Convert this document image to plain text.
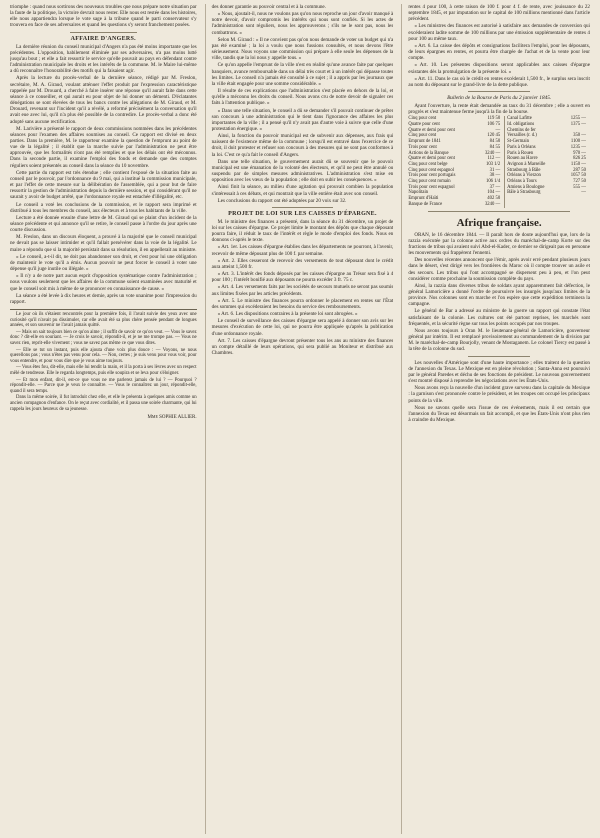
triomphe : quand nous sortirons des nouveaux troubles que nous prépare notre situation par la faute de la politique, la victoire devrait nous rester. Elle nous est restée dans les histoires, elle nous appartiendra lorsque le vote sage à la tribune quand le parti conservateur s'y trouvera en face de ses adversaires et quand les questions s'y seront franchement posées.

AFFAIRE D'ANGERS.

La dernière réunion du conseil municipal d'Angers n'a pas été moins importante que les précédentes. L'opposition, habilement éliminée par ses adversaires, n'a pas moins lutté jusqu'au bout ; et elle a fait ressortir le service qu'elle pouvait au pays en défendant contre l'administration municipale les droits et les intérêts de la commune. M. le Maire lui-même a dû reconnaître l'honorabilité des motifs qui la faisaient agir.

Après la lecture du procès-verbal de la dernière séance, rédigé par M. Freslon, secrétaire, M. A. Giraud, voulant atténuer l'effet produit par l'expression caractéristique rappelée par M. Drouard, a cherché à faire insérer une réponse qu'il aurait faite dans cette séance à ce conseiller, et qui aurait eu pour objet de lui donner un démenti. D'éclatantes dénégations se sont élevées de tous les bancs contre les allégations de M. Giraud, et M. Drouard, revenant sur l'incident qu'il a révélé, a reformé précisément la conversation qu'il avait eue avec lui, qu'il n'a plus été possible de la contredire. Le procès-verbal a donc été adopté sans aucune rectification.

M. Larivière a présenté le rapport de deux commissions nommées dans les précédentes séances pour l'examen des affaires soumises au conseil. Ce rapport est divisé en deux parties. Dans la première, M. le rapporteur examine la question de l'emprunt au point de vue de la légalité ; il établit que la marche suivie par l'administration ne peut être approuvée, que les formalités n'ont pas été remplies et que les délais ont été méconnus. Dans la seconde partie, il examine l'emploi des fonds et demande que des comptes réguliers soient présentés au conseil dans la séance du 10 novembre.

Cette partie du rapport est très étendue ; elle contient l'exposé de la situation faite au conseil par le pouvoir, par l'ordonnance du 9 mai, qui a institué la commission municipale, et par l'effet de cette mesure sur la délibération de l'assemblée, qui a pour but de faire ressortir la gestion de l'administration depuis la dernière session, et qui considérant qu'il ne saurait y avoir de budget arrêté, que l'ordonnance royale est entachée d'illégalité, etc.

Le conseil a voté les conclusions de la commission, et le rapport sera imprimé et distribué à tous les membres du conseil, aux électeurs et à tous les habitants de la ville.

Lecture a été donnée ensuite d'une lettre de M. Giraud qui se plaint d'un incident de la séance précédente et qui annonce qu'il se retire, le conseil passe à l'ordre du jour après une courte discussion.

M. Freslon, dans un discours éloquent, a prouvé à la majorité que le conseil municipal ne devait pas se laisser intimider et qu'il fallait persévérer dans la voie de la légalité. Le maire a répondu que si la majorité persistait dans sa résolution, il en appellerait au ministre.

« Le conseil, a-t-il dit, ne doit pas abandonner son droit, et c'est pour lui une obligation de maintenir le vote qu'il a émis. Aucun pouvoir ne peut forcer le conseil à voter une dépense qu'il juge inutile ou illégale. »

« Il n'y a de notre part aucun esprit d'opposition systématique contre l'administration ; nous voulons seulement que les affaires de la commune soient examinées avec maturité et que le conseil soit mis à même de se prononcer en connaissance de cause. »

La séance a été levée à dix heures et demie, après un vote unanime pour l'impression du rapport.

Le jour où ils s'étaient rencontrés pour la première fois, il l'avait suivie des yeux avec une curiosité qu'il n'avait pu dissimuler, car elle avait été sa plus chère pensée pendant de longues années, et son souvenir ne l'avait jamais quitté.

— Mais on sait toujours bien ce qu'on aime ; il suffit de savoir ce qu'on veut. — Vous le savez donc ? dit-elle en souriant. — Je crois le savoir, répondit-il, et je ne me trompe pas. — Vous ne savez rien, reprit-elle vivement ; vous ne savez pas même ce que vous dites.

— Elle se tut un instant, puis elle ajouta d'une voix plus douce : — Voyons, ne nous querellons pas ; vous n'êtes pas venu pour cela. — Non, certes ; je suis venu pour vous voir, pour vous entendre, et pour vous dire que je vous aime toujours.

— Vous êtes fou, dit-elle, mais elle lui tendit la main, et il la porta à ses lèvres avec un respect mêlé de tendresse. Elle le regarda longtemps, puis elle soupira et se leva pour s'éloigner.

— Et mon enfant, dit-il, est-ce que vous ne me parlerez jamais de lui ? — Pourquoi ? répondit-elle. — Parce que je veux le connaître. — Vous le connaîtrez un jour, répondit-elle, quand il sera temps.

Dans la même soirée, il fut introduit chez elle, et elle le présenta à quelques amis comme un ancien compagnon d'enfance. On le reçut avec cordialité, et il passa une soirée charmante, qui lui rappela les jours heureux de sa jeunesse.

Mme SOPHIE ALLIER.

des donner garantie au pouvoir central et à la commune.

« Nous, ajoutait-il, nous ne voulons pas qu'on nous reproche un jour d'avoir manqué à notre devoir, d'avoir compromis les intérêts qui nous sont confiés. Si les actes de l'administration sont réguliers, nous les approuverons ; s'ils ne le sont pas, nous les combattrons. »

Selon M. Giraud : « Il ne convient pas qu'on nous demande de voter un budget qui n'a pas été examiné ; la loi a voulu que nous fussions consultés, et nous devons l'être sérieusement. Nous voyons une commission qui prépare à elle seule les dépenses de la ville, tandis que la loi nous y appelle tous. »

Ce qu'on appelle l'emprunt de la ville n'est en réalité qu'une avance faite par quelques banquiers, avance remboursable dans un délai très court et à un intérêt qui dépasse toutes les limites. Le conseil n'a jamais été consulté à ce sujet ; il a appris par les journaux que la ville était engagée pour une somme considérable. »

Il résulte de ces explications que l'administration s'est placée en dehors de la loi, et qu'elle a méconnu les droits du conseil. Nous avons cru de notre devoir de signaler ces faits à l'attention publique. »

« Dans une telle situation, le conseil a dû se demander s'il pouvait continuer de prêter son concours à une administration qui le tient dans l'ignorance des affaires les plus importantes de la ville ; il a pensé qu'il n'y avait pas d'autre voie à suivre que celle d'une protestation énergique. »

Ainsi, la fonction du pouvoir municipal est de subvenir aux dépenses, aux frais qui naissent de l'existence même de la commune ; lorsqu'il est entravé dans l'exercice de ce droit, il doit protester et refuser son concours à des mesures qui ne sont pas conformes à la loi. C'est ce qu'a fait le conseil d'Angers.

Dans une telle situation, le gouvernement aurait dû se souvenir que le pouvoir municipal est une émanation de la volonté des électeurs, et qu'il ne peut être annulé ou suspendu par de simples mesures administratives. L'administration s'est mise en opposition avec les vœux de la population ; elle doit en subir les conséquences. »

Ainsi finit la séance, au milieu d'une agitation qui prouvait combien la population s'intéressait à ces débats, et qui montrait que la ville entière était avec son conseil.

Les conclusions du rapport ont été adoptées par 20 voix sur 32.

PROJET DE LOI SUR LES CAISSES D'ÉPARGNE.

M. le ministre des finances a présenté, dans la séance du 31 décembre, un projet de loi sur les caisses d'épargne. Ce projet limite le montant des dépôts que chaque déposant pourra faire, il réduit le taux de l'intérêt et règle le mode d'emploi des fonds. Nous en donnons ci-après le texte.

« Art. 1er. Les caisses d'épargne établies dans les départements ne pourront, à l'avenir, recevoir de même déposant plus de 100 f. par semaine.

« Art. 2. Elles cesseront de recevoir des versements de tout déposant dont le crédit aura atteint 1,500 fr.

« Art. 3. L'intérêt des fonds déposés par les caisses d'épargne au Trésor sera fixé à 4 pour 100 ; l'intérêt bonifié aux déposants ne pourra excéder 3 fr. 75 c.

« Art. 4. Les versements faits par les sociétés de secours mutuels ne seront pas soumis aux limites fixées par les articles précédents.

« Art. 5. Le ministre des finances pourra ordonner le placement en rentes sur l'État des sommes qui excéderaient les besoins du service des remboursements.

« Art. 6. Les dispositions contraires à la présente loi sont abrogées. »

Le conseil de surveillance des caisses d'épargne sera appelé à donner son avis sur les mesures d'exécution de cette loi, qui ne pourra être appliquée qu'après la publication d'une ordonnance royale.

Art. 7. Les caisses d'épargne devront présenter tous les ans au ministre des finances un compte détaillé de leurs opérations, qui sera publié au Moniteur et distribué aux Chambres.

rentes 4 pour 100, à cette raison de 100 f. pour 4 f. de rente, avec jouissance du 22 septembre 1845, et par imputation sur le capital de 100 millions mentionné dans l'article précédent.

« Les ministres des finances est autorisé à satisfaire aux demandes de conversion qui excéderaient ladite somme de 100 millions par une émission supplémentaire de rentes 4 pour 100 au même taux.

« Art. 6. La caisse des dépôts et consignations facilitera l'emploi, pour les déposants, de leurs épargnes en rentes, et pourra être chargée de l'achat et de la vente pour leur compte.

« Art. 10. Les présentes dispositions seront applicables aux caisses d'épargne existantes dès la promulgation de la présente loi. »

« Art. 11. Dans le cas où le crédit en rentes excéderait 1,500 fr., le surplus sera inscrit au nom du déposant sur le grand-livre de la dette publique.

Bulletin de la Bourse de Paris du 2 janvier 1845.

Ayant l'ouverture, la rente était demandée au taux du 31 décembre ; elle a ouvert en progrès et s'est maintenue ferme jusqu'à la fin de la bourse.

Cinq pour cent	119 50		Canal Lafitte	1255 —
Quatre pour cent	106 75		Id. obligations	1375 —
Quatre et demi pour cent	—		Chemins de fer	
Cinq pour cent	120 45		Versailles (r. d.)	350 —
Emprunt de 1841	84 50		St-Germain	1100 —
Trois pour cent	84 55		Paris à Orléans	1235 —
Actions de la Banque	3240 —		Paris à Rouen	970 —
Quatre et demi pour cent	112 —		Rouen au Havre	826 25
Cinq pour cent belge	103 1/2		Avignon à Marseille	1150 —
Cinq pour cent espagnol	31 —		Strasbourg à Bâle	287 50
Trois pour cent portugais	38 —		Orléans à Vierzon	1057 50
Cinq pour cent romain	106 1/4		Orléans à Tours	727 50
Trois pour cent espagnol	37 —		Amiens à Boulogne	555 —
Napolitain	104 —		Bâle à Strasbourg	—
Emprunt d'Haïti	402 50			
Banque de France	3240 —			
Afrique française.

ORAN, le 16 décembre 1844. — Il paraît hors de doute aujourd'hui que, lors de la razzia exécutée par la colonne active aux ordres du maréchal-de-camp Korte sur des fractions de tribus qui avaient suivi Abd-el-Kader, ce dernier se dirigeait pas en personne les mouvements qui frappèrent l'ennemi.

Des nouvelles récentes annoncent que l'émir, après avoir erré pendant plusieurs jours dans le désert, s'est dirigé vers les frontières du Maroc où il compte trouver un asile et des secours. Les tribus qui l'ont accompagné se dispersent peu à peu, et l'on peut considérer comme prochaine la soumission complète du pays.

Ainsi, la razzia dans diverses tribus de soldats ayant apparemment fait défection, le général Lamoricière a donné l'ordre de poursuivre les insurgés jusqu'aux limites de la province. Nos colonnes sont en marche et l'on espère que cette expédition terminera la campagne.

Le général de Bar a adressé au ministre de la guerre un rapport qui constate l'état satisfaisant de la colonie. Les cultures ont été partout reprises, les marchés sont fréquentés, et la sécurité règne sur tous les points occupés par nos troupes.

Nous avons toujours à Oran M. le lieutenant-général de Lamoricière, gouverneur général par intérim. Il est remplacé provisoirement au commandement de la division par M. le maréchal-de-camp Bourjolly, venant de Mostaganem. Le colonel Tiercy est passé à la tête de la colonne du sud.

Les nouvelles d'Amérique sont d'une haute importance ; elles traitent de la question de l'annexion du Texas. Le Mexique est en pleine révolution ; Santa-Anna est poursuivi par le général Paredes et déchu de ses fonctions de président. Le nouveau gouvernement s'est montré disposé à reprendre les négociations avec les États-Unis.

Nous avons reçu la nouvelle d'un incident grave survenu dans la capitale du Mexique : la garnison s'est prononcée contre le président, et les troupes ont occupé les principaux points de la ville.

Nous ne savons quelle sera l'issue de ces événements, mais il est certain que l'annexion du Texas est désormais un fait accompli, et que les États-Unis n'ont plus rien à craindre du Mexique.
